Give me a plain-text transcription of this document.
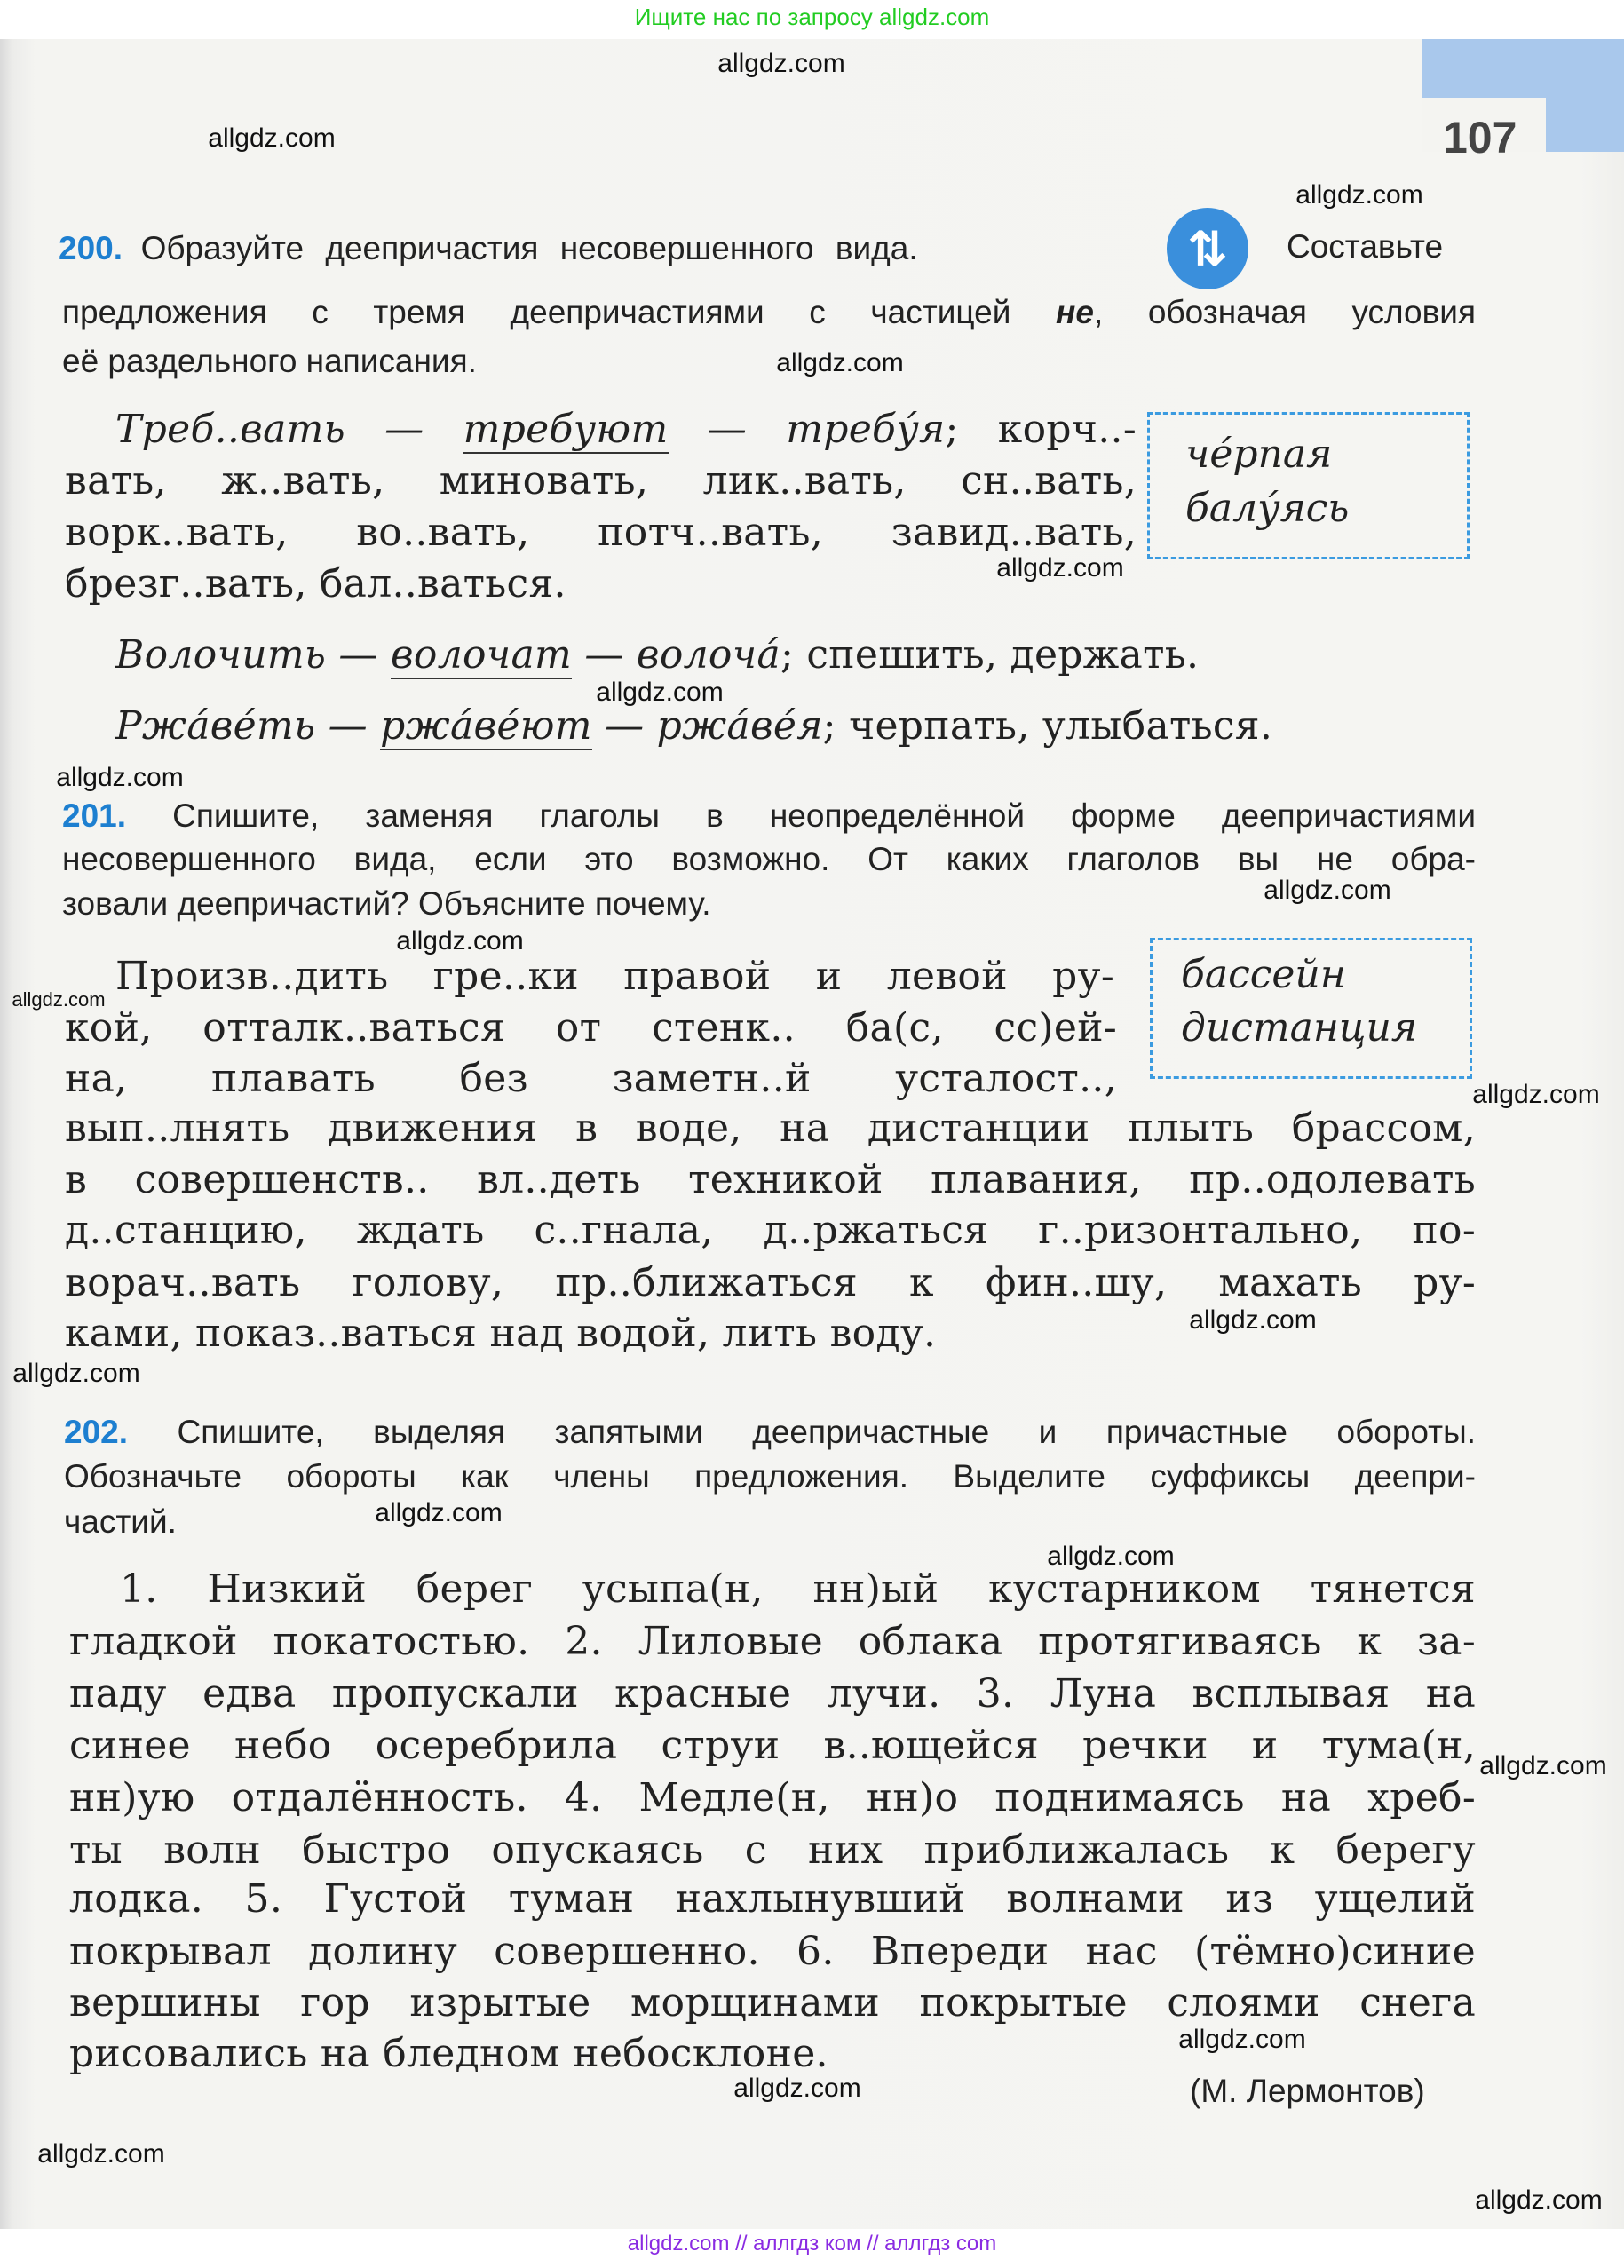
Ищите нас по запросу allgdz.com
107
200. Образуйте деепричастия несовершенного вида.	⇅	Составьте
предложения с тремя деепричастиями с частицей не, обозначая условия
её раздельного написания.
Треб..вать — требуют — требу́я; корч..-
вать, ж..вать, миновать, лик..вать, сн..вать,
ворк..вать, во..вать, потч..вать, завид..вать,
брезг..вать, бал..ваться.
Волочить — волочат — волоча́; спешить, держать.
Ржа́ве́ть — ржа́ве́ют — ржа́ве́я; черпать, улыбаться.
че́рпая
балу́ясь
201. Спишите, заменяя глаголы в неопределённой форме деепричастиями
несовершенного вида, если это возможно. От каких глаголов вы не обра-
зовали деепричастий? Объясните почему.
Произв..дить гре..ки правой и левой ру-
кой, отталк..ваться от стенк.. ба(с, сс)ей-
на, плавать без заметн..й усталост..,
вып..лнять движения в воде, на дистанции плыть брассом,
в совершенств.. вл..деть техникой плавания, пр..одолевать
д..станцию, ждать с..гнала, д..ржаться г..ризонтально, по-
ворач..вать голову, пр..ближаться к фин..шу, махать ру-
ками, показ..ваться над водой, лить воду.
бассейн
дистанция
202. Спишите, выделяя запятыми деепричастные и причастные обороты.
Обозначьте обороты как члены предложения. Выделите суффиксы деепри-
частий.
1. Низкий берег усыпа(н, нн)ый кустарником тянется
гладкой покатостью. 2. Лиловые облака протягиваясь к за-
паду едва пропускали красные лучи. 3. Луна всплывая на
синее небо осеребрила струи в..ющейся речки и тума(н,
нн)ую отдалённость. 4. Медле(н, нн)о поднимаясь на хреб-
ты волн быстро опускаясь с них приближалась к берегу
лодка. 5. Густой туман нахлынувший волнами из ущелий
покрывал долину совершенно. 6. Впереди нас (тёмно)синие
вершины гор изрытые морщинами покрытые слоями снега
рисовались на бледном небосклоне.
(М. Лермонтов)
allgdz.com
allgdz.com
allgdz.com
allgdz.com
allgdz.com
allgdz.com
allgdz.com
allgdz.com
allgdz.com
allgdz.com
allgdz.com
allgdz.com
allgdz.com
allgdz.com
allgdz.com
allgdz.com
allgdz.com
allgdz.com
allgdz.com
allgdz.com
allgdz.com // аллгдз ком // аллгдз com
